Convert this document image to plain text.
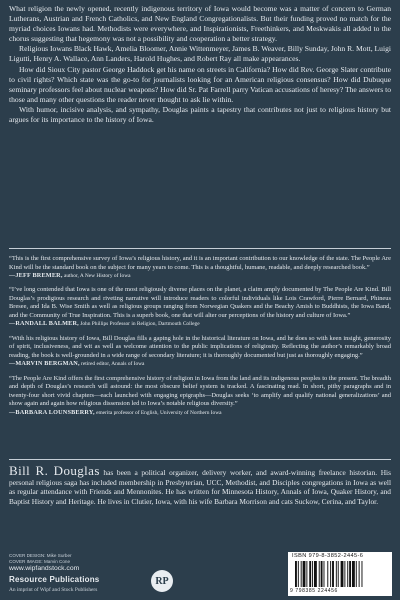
What religion the newly opened, recently indigenous territory of Iowa would become was a matter of concern to German Lutherans, Austrian and French Catholics, and New England Congregationalists. But their funding proved no match for the myriad choices Iowans had. Methodists were everywhere, and Inspirationists, Freethinkers, and Meskwakis all added to the chorus suggesting that hegemony was not a possibility and cooperation a better strategy.

Religious Iowans Black Hawk, Amelia Bloomer, Annie Wittenmeyer, James B. Weaver, Billy Sunday, John R. Mott, Luigi Ligutti, Henry A. Wallace, Ann Landers, Harold Hughes, and Robert Ray all make appearances.

How did Sioux City pastor George Haddock get his name on streets in California? How did Rev. George Slater contribute to civil rights? Which state was the go-to for journalists looking for an American religious consensus? How did Dubuque seminary professors feel about nuclear weapons? How did Sr. Pat Farrell parry Vatican accusations of heresy? The answers to those and many other questions the reader never thought to ask lie within.

With humor, incisive analysis, and sympathy, Douglas paints a tapestry that contributes not just to religious history but argues for its importance to the history of Iowa.

“This is the first comprehensive survey of Iowa’s religious history, and it is an important contribution to our knowledge of the state. The People Are Kind will be the standard book on the subject for many years to come. This is a thoughtful, humane, readable, and deeply researched book.”

—JEFF BREMER, author, A New History of Iowa

“I’ve long contended that Iowa is one of the most religiously diverse places on the planet, a claim amply documented by The People Are Kind. Bill Douglas’s prodigious research and riveting narrative will introduce readers to colorful individuals like Lois Crawford, Pierre Bernard, Phineus Bresee, and Ida B. Wise Smith as well as religious groups ranging from Norwegian Quakers and the Beachy Amish to Buddhists, the Iowa Band, and the Community of True Inspiration. This is a superb book, one that will alter our perceptions of the history and culture of Iowa.”

—RANDALL BALMER, John Phillips Professor in Religion, Dartmouth College

“With his religious history of Iowa, Bill Douglas fills a gaping hole in the historical literature on Iowa, and he does so with keen insight, generosity of spirit, inclusiveness, and wit as well as welcome attention to the public implications of religiosity. Reflecting the author’s remarkably broad reading, the book is well-grounded in a wide range of secondary literature; it is thoroughly documented but just as thoroughly engaging.”

—MARVIN BERGMAN, retired editor, Annals of Iowa

“The People Are Kind offers the first comprehensive history of religion in Iowa from the land and its indigenous peoples to the present. The breadth and depth of Douglas’s research will astound: the most obscure belief system is tracked. A fascinating read. In short, pithy paragraphs and in twenty-four short vivid chapters—each launched with engaging epigraphs—Douglas seeks ‘to amplify and qualify national generalizations’ and show again and again how religious dissension led to Iowa’s notable religious diversity.”

—BARBARA LOUNSBERRY, emerita professor of English, University of Northern Iowa

Bill R. Douglas has been a political organizer, delivery worker, and award-winning freelance historian. His personal religious saga has included membership in Presbyterian, UCC, Methodist, and Disciples congregations in Iowa as well as regular attendance with Friends and Mennonites. He has written for Minnesota History, Annals of Iowa, Quaker History, and Baptist History and Heritage. He lives in Clutier, Iowa, with his wife Barbara Morrison and cats Suckow, Cerina, and Taylor.

COVER DESIGN: Mike Surber
COVER IMAGE: Marvin Cone
www.wipfandstock.com
Resource Publications
An imprint of Wipf and Stock Publishers
RP
ISBN 979-8-3852-2445-6
9 798385 224456
